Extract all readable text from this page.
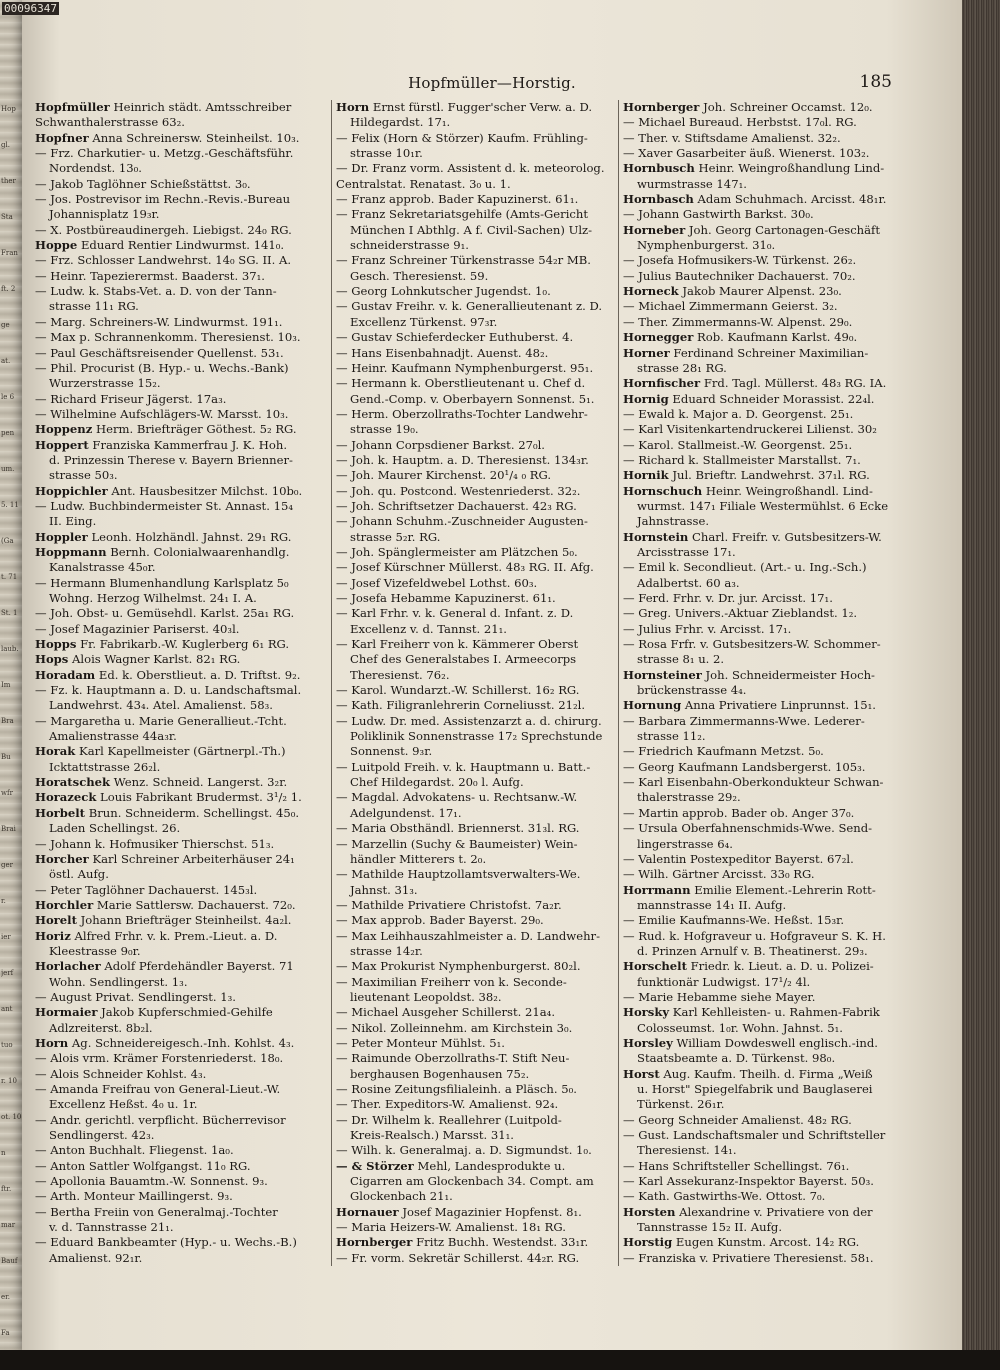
Hop
gl.
ther
Sta
Fran
ft. 2
ge
at.
le 6
pen
um.
5. 11
(Ga
t. 71
St. 1
laub.
Im
Bra
Bu
wfr
Brai
ger
r.
ier
jerf
ant
tuo
r. 10
ot. 10
n
ftr.
mar
Bauf
er.
Fa
Hopfmüller—Horstig.	185
Hopfmüller Heinrich städt. Amtsschreiber
Schwanthalerstrasse 63₂.
Hopfner Anna Schreinersw. Steinheilst. 10₃.
— Frz. Charkutier- u. Metzg.-Geschäftsführ.
Nordendst. 13₀.
— Jakob Taglöhner Schießstättst. 3₀.
— Jos. Postrevisor im Rechn.-Revis.-Bureau
Johannisplatz 19₃r.
— X. Postbüreaudinergeh. Liebigst. 24₀ RG.
Hoppe Eduard Rentier Lindwurmst. 141₀.
— Frz. Schlosser Landwehrst. 14₀ SG. II. A.
— Heinr. Tapezierermst. Baaderst. 37₁.
— Ludw. k. Stabs-Vet. a. D. von der Tann-
strasse 11₁ RG.
— Marg. Schreiners-W. Lindwurmst. 191₁.
— Max p. Schrannenkomm. Theresienst. 10₃.
— Paul Geschäftsreisender Quellenst. 53₁.
— Phil. Procurist (B. Hyp.- u. Wechs.-Bank)
Wurzerstrasse 15₂.
— Richard Friseur Jägerst. 17a₃.
— Wilhelmine Aufschlägers-W. Marsst. 10₃.
Hoppenz Herm. Briefträger Göthest. 5₂ RG.
Hoppert Franziska Kammerfrau J. K. Hoh.
d. Prinzessin Therese v. Bayern Brienner-
strasse 50₃.
Hoppichler Ant. Hausbesitzer Milchst. 10b₀.
— Ludw. Buchbindermeister St. Annast. 15₄
II. Eing.
Hoppler Leonh. Holzhändl. Jahnst. 29₁ RG.
Hoppmann Bernh. Colonialwaarenhandlg.
Kanalstrasse 45₀r.
— Hermann Blumenhandlung Karlsplatz 5₀
Wohng. Herzog Wilhelmst. 24₁ I. A.
— Joh. Obst- u. Gemüsehdl. Karlst. 25a₁ RG.
— Josef Magazinier Pariserst. 40₃l.
Hopps Fr. Fabrikarb.-W. Kuglerberg 6₁ RG.
Hops Alois Wagner Karlst. 82₁ RG.
Horadam Ed. k. Oberstlieut. a. D. Triftst. 9₂.
— Fz. k. Hauptmann a. D. u. Landschaftsmal.
Landwehrst. 43₄. Atel. Amalienst. 58₃.
— Margaretha u. Marie Generallieut.-Tcht.
Amalienstrasse 44a₃r.
Horak Karl Kapellmeister (Gärtnerpl.-Th.)
Icktattstrasse 26₂l.
Horatschek Wenz. Schneid. Langerst. 3₂r.
Horazeck Louis Fabrikant Brudermst. 3¹/₂ 1.
Horbelt Brun. Schneiderm. Schellingst. 45₀.
Laden Schellingst. 26.
— Johann k. Hofmusiker Thierschst. 51₃.
Horcher Karl Schreiner Arbeiterhäuser 24₁
östl. Aufg.
— Peter Taglöhner Dachauerst. 145₃l.
Horchler Marie Sattlersw. Dachauerst. 72₀.
Horelt Johann Briefträger Steinheilst. 4a₂l.
Horiz Alfred Frhr. v. k. Prem.-Lieut. a. D.
Kleestrasse 9₀r.
Horlacher Adolf Pferdehändler Bayerst. 71
Wohn. Sendlingerst. 1₃.
— August Privat. Sendlingerst. 1₃.
Hormaier Jakob Kupferschmied-Gehilfe
Adlzreiterst. 8b₂l.
Horn Ag. Schneidereigesch.-Inh. Kohlst. 4₃.
— Alois vrm. Krämer Forstenriederst. 18₀.
— Alois Schneider Kohlst. 4₃.
— Amanda Freifrau von General-Lieut.-W.
Excellenz Heßst. 4₀ u. 1r.
— Andr. gerichtl. verpflicht. Bücherrevisor
Sendlingerst. 42₃.
— Anton Buchhalt. Fliegenst. 1a₀.
— Anton Sattler Wolfgangst. 11₀ RG.
— Apollonia Bauamtm.-W. Sonnenst. 9₃.
— Arth. Monteur Maillingerst. 9₃.
— Bertha Freiin von Generalmaj.-Tochter
v. d. Tannstrasse 21₁.
— Eduard Bankbeamter (Hyp.- u. Wechs.-B.)
Amalienst. 92₁r.
Horn Ernst fürstl. Fugger'scher Verw. a. D.
Hildegardst. 17₁.
— Felix (Horn & Störzer) Kaufm. Frühling-
strasse 10₁r.
— Dr. Franz vorm. Assistent d. k. meteorolog.
Centralstat. Renatast. 3₀ u. 1.
— Franz approb. Bader Kapuzinerst. 61₁.
— Franz Sekretariatsgehilfe (Amts-Gericht
München I Abthlg. A f. Civil-Sachen) Ulz-
schneiderstrasse 9₁.
— Franz Schreiner Türkenstrasse 54₂r MB.
Gesch. Theresienst. 59.
— Georg Lohnkutscher Jugendst. 1₀.
— Gustav Freihr. v. k. Generallieutenant z. D.
Excellenz Türkenst. 97₃r.
— Gustav Schieferdecker Euthuberst. 4.
— Hans Eisenbahnadjt. Auenst. 48₂.
— Heinr. Kaufmann Nymphenburgerst. 95₁.
— Hermann k. Oberstlieutenant u. Chef d.
Gend.-Comp. v. Oberbayern Sonnenst. 5₁.
— Herm. Oberzollraths-Tochter Landwehr-
strasse 19₀.
— Johann Corpsdiener Barkst. 27₀l.
— Joh. k. Hauptm. a. D. Theresienst. 134₃r.
— Joh. Maurer Kirchenst. 20¹/₄ ₀ RG.
— Joh. qu. Postcond. Westenriederst. 32₂.
— Joh. Schriftsetzer Dachauerst. 42₃ RG.
— Johann Schuhm.-Zuschneider Augusten-
strasse 5₂r. RG.
— Joh. Spänglermeister am Plätzchen 5₀.
— Josef Kürschner Müllerst. 48₃ RG. II. Afg.
— Josef Vizefeldwebel Lothst. 60₃.
— Josefa Hebamme Kapuzinerst. 61₁.
— Karl Frhr. v. k. General d. Infant. z. D.
Excellenz v. d. Tannst. 21₁.
— Karl Freiherr von k. Kämmerer Oberst
Chef des Generalstabes I. Armeecorps
Theresienst. 76₂.
— Karol. Wundarzt.-W. Schillerst. 16₂ RG.
— Kath. Filigranlehrerin Corneliusst. 21₂l.
— Ludw. Dr. med. Assistenzarzt a. d. chirurg.
Poliklinik Sonnenstrasse 17₂ Sprechstunde
Sonnenst. 9₃r.
— Luitpold Freih. v. k. Hauptmann u. Batt.-
Chef Hildegardst. 20₀ l. Aufg.
— Magdal. Advokatens- u. Rechtsanw.-W.
Adelgundenst. 17₁.
— Maria Obsthändl. Briennerst. 31₃l. RG.
— Marzellin (Suchy & Baumeister) Wein-
händler Mitterers t. 2₀.
— Mathilde Hauptzollamtsverwalters-We.
Jahnst. 31₃.
— Mathilde Privatiere Christofst. 7a₂r.
— Max approb. Bader Bayerst. 29₀.
— Max Leihhauszahlmeister a. D. Landwehr-
strasse 14₂r.
— Max Prokurist Nymphenburgerst. 80₂l.
— Maximilian Freiherr von k. Seconde-
lieutenant Leopoldst. 38₂.
— Michael Ausgeher Schillerst. 21a₄.
— Nikol. Zolleinnehm. am Kirchstein 3₀.
— Peter Monteur Mühlst. 5₁.
— Raimunde Oberzollraths-T. Stift Neu-
berghausen Bogenhausen 75₂.
— Rosine Zeitungsfilialeinh. a Pläsch. 5₀.
— Ther. Expeditors-W. Amalienst. 92₄.
— Dr. Wilhelm k. Reallehrer (Luitpold-
Kreis-Realsch.) Marsst. 31₁.
— Wilh. k. Generalmaj. a. D. Sigmundst. 1₀.
— & Störzer Mehl, Landesprodukte u.
Cigarren am Glockenbach 34. Compt. am
Glockenbach 21₁.
Hornauer Josef Magazinier Hopfenst. 8₁.
— Maria Heizers-W. Amalienst. 18₁ RG.
Hornberger Fritz Buchh. Westendst. 33₁r.
— Fr. vorm. Sekretär Schillerst. 44₂r. RG.
Hornberger Joh. Schreiner Occamst. 12₀.
— Michael Bureaud. Herbstst. 17₀l. RG.
— Ther. v. Stiftsdame Amalienst. 32₂.
— Xaver Gasarbeiter äuß. Wienerst. 103₂.
Hornbusch Heinr. Weingroßhandlung Lind-
wurmstrasse 147₁.
Hornbasch Adam Schuhmach. Arcisst. 48₁r.
— Johann Gastwirth Barkst. 30₀.
Horneber Joh. Georg Cartonagen-Geschäft
Nymphenburgerst. 31₀.
— Josefa Hofmusikers-W. Türkenst. 26₂.
— Julius Bautechniker Dachauerst. 70₂.
Horneck Jakob Maurer Alpenst. 23₀.
— Michael Zimmermann Geierst. 3₂.
— Ther. Zimmermanns-W. Alpenst. 29₀.
Hornegger Rob. Kaufmann Karlst. 49₀.
Horner Ferdinand Schreiner Maximilian-
strasse 28₁ RG.
Hornfischer Frd. Tagl. Müllerst. 48₃ RG. IA.
Hornig Eduard Schneider Morassist. 22₄l.
— Ewald k. Major a. D. Georgenst. 25₁.
— Karl Visitenkartendruckerei Lilienst. 30₂
— Karol. Stallmeist.-W. Georgenst. 25₁.
— Richard k. Stallmeister Marstallst. 7₁.
Hornik Jul. Brieftr. Landwehrst. 37₁l. RG.
Hornschuch Heinr. Weingroßhandl. Lind-
wurmst. 147₁ Filiale Westermühlst. 6 Ecke
Jahnstrasse.
Hornstein Charl. Freifr. v. Gutsbesitzers-W.
Arcisstrasse 17₁.
— Emil k. Secondlieut. (Art.- u. Ing.-Sch.)
Adalbertst. 60 a₃.
— Ferd. Frhr. v. Dr. jur. Arcisst. 17₁.
— Greg. Univers.-Aktuar Zieblandst. 1₂.
— Julius Frhr. v. Arcisst. 17₁.
— Rosa Frfr. v. Gutsbesitzers-W. Schommer-
strasse 8₁ u. 2.
Hornsteiner Joh. Schneidermeister Hoch-
brückenstrasse 4₄.
Hornung Anna Privatiere Linprunnst. 15₁.
— Barbara Zimmermanns-Wwe. Lederer-
strasse 11₂.
— Friedrich Kaufmann Metzst. 5₀.
— Georg Kaufmann Landsbergerst. 105₃.
— Karl Eisenbahn-Oberkondukteur Schwan-
thalerstrasse 29₂.
— Martin approb. Bader ob. Anger 37₀.
— Ursula Oberfahnenschmids-Wwe. Send-
lingerstrasse 6₄.
— Valentin Postexpeditor Bayerst. 67₂l.
— Wilh. Gärtner Arcisst. 33₀ RG.
Horrmann Emilie Element.-Lehrerin Rott-
mannstrasse 14₁ II. Aufg.
— Emilie Kaufmanns-We. Heßst. 15₃r.
— Rud. k. Hofgraveur u. Hofgraveur S. K. H.
d. Prinzen Arnulf v. B. Theatinerst. 29₃.
Horschelt Friedr. k. Lieut. a. D. u. Polizei-
funktionär Ludwigst. 17¹/₂ 4l.
— Marie Hebamme siehe Mayer.
Horsky Karl Kehlleisten- u. Rahmen-Fabrik
Colosseumst. 1₀r. Wohn. Jahnst. 5₁.
Horsley William Dowdeswell englisch.-ind.
Staatsbeamte a. D. Türkenst. 98₀.
Horst Aug. Kaufm. Theilh. d. Firma „Weiß
u. Horst" Spiegelfabrik und Bauglaserei
Türkenst. 26₁r.
— Georg Schneider Amalienst. 48₂ RG.
— Gust. Landschaftsmaler und Schriftsteller
Theresienst. 14₁.
— Hans Schriftsteller Schellingst. 76₁.
— Karl Assekuranz-Inspektor Bayerst. 50₃.
— Kath. Gastwirths-We. Ottost. 7₀.
Horsten Alexandrine v. Privatiere von der
Tannstrasse 15₂ II. Aufg.
Horstig Eugen Kunstm. Arcost. 14₂ RG.
— Franziska v. Privatiere Theresienst. 58₁.
00096347
